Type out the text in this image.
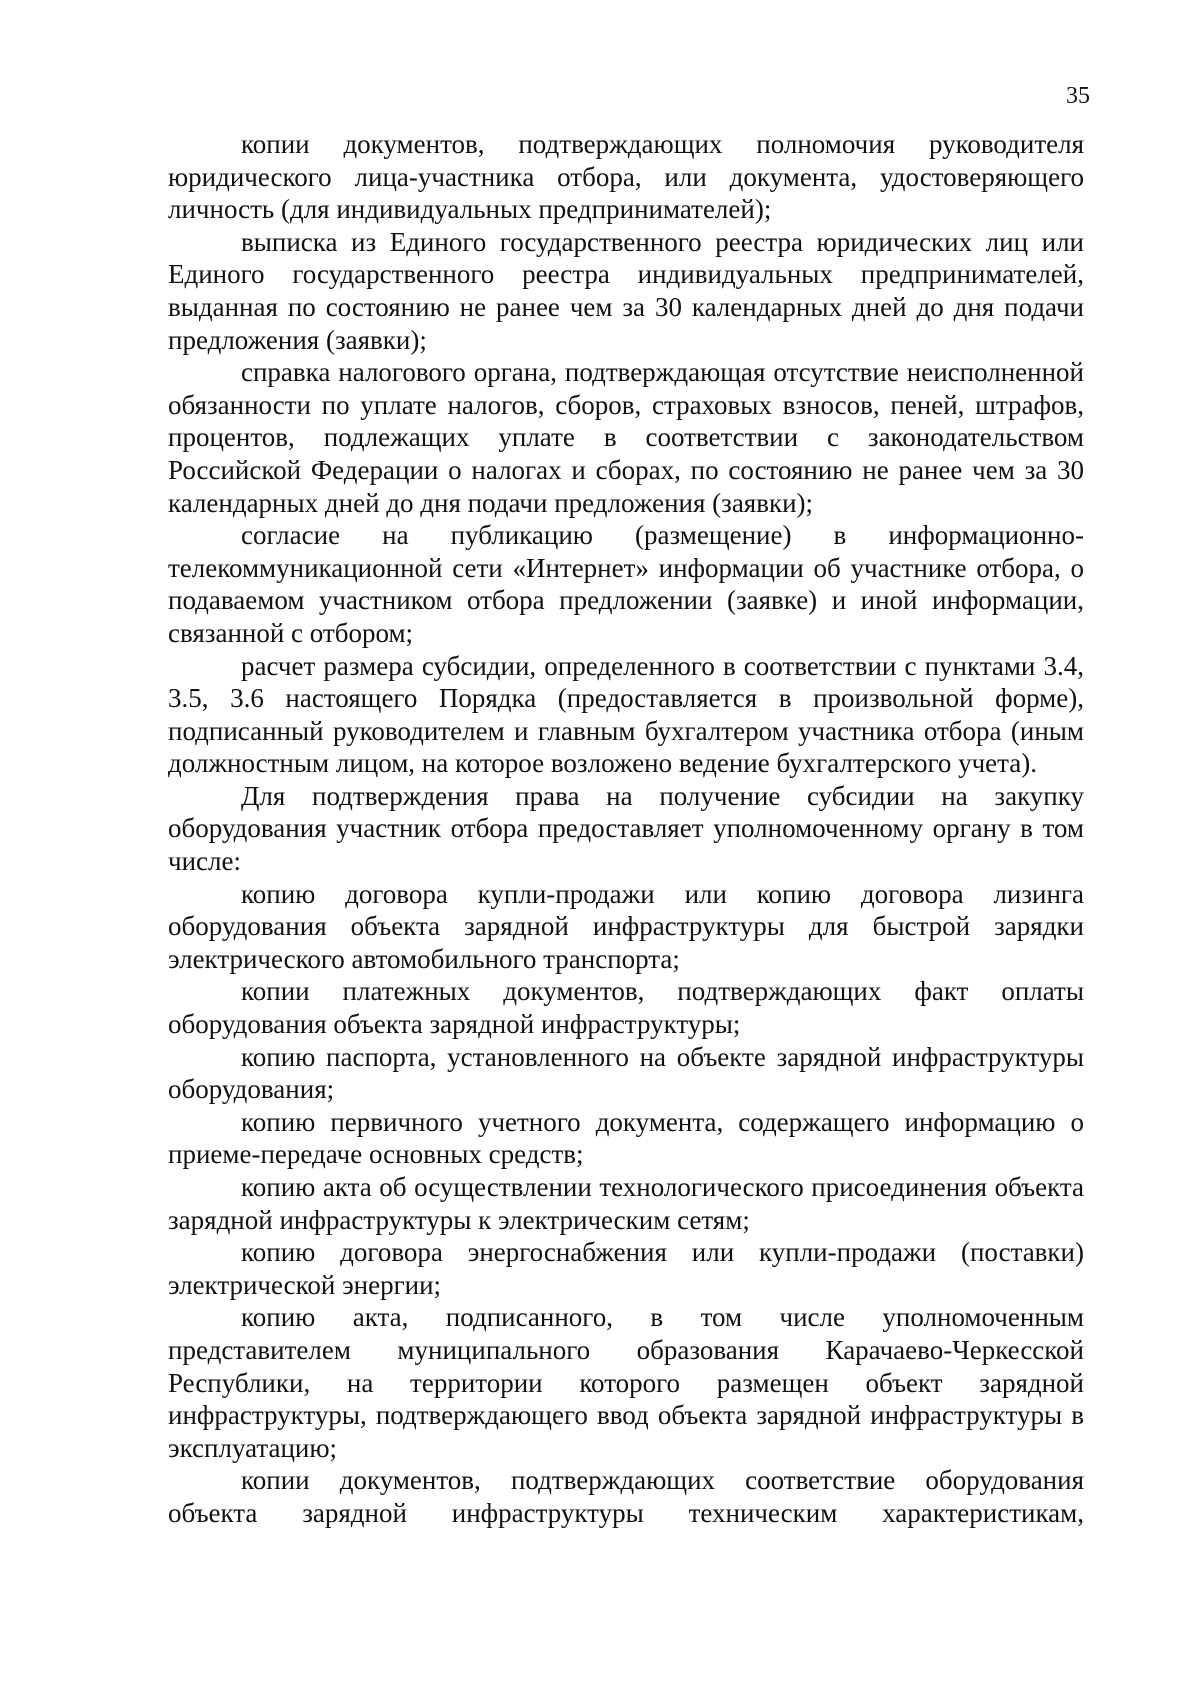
35

копии документов, подтверждающих полномочия руководителя юридического лица-участника отбора, или документа, удостоверяющего личность (для индивидуальных предпринимателей);

выписка из Единого государственного реестра юридических лиц или Единого государственного реестра индивидуальных предпринимателей, выданная по состоянию не ранее чем за 30 календарных дней до дня подачи предложения (заявки);

справка налогового органа, подтверждающая отсутствие неисполненной обязанности по уплате налогов, сборов, страховых взносов, пеней, штрафов, процентов, подлежащих уплате в соответствии с законодательством Российской Федерации о налогах и сборах, по состоянию не ранее чем за 30 календарных дней до дня подачи предложения (заявки);

согласие на публикацию (размещение) в информационно-телекоммуникационной сети «Интернет» информации об участнике отбора, о подаваемом участником отбора предложении (заявке) и иной информации, связанной с отбором;

расчет размера субсидии, определенного в соответствии с пунктами 3.4, 3.5, 3.6 настоящего Порядка (предоставляется в произвольной форме), подписанный руководителем и главным бухгалтером участника отбора (иным должностным лицом, на которое возложено ведение бухгалтерского учета).

Для подтверждения права на получение субсидии на закупку оборудования участник отбора предоставляет уполномоченному органу в том числе:

копию договора купли-продажи или копию договора лизинга оборудования объекта зарядной инфраструктуры для быстрой зарядки электрического автомобильного транспорта;

копии платежных документов, подтверждающих факт оплаты оборудования объекта зарядной инфраструктуры;

копию паспорта, установленного на объекте зарядной инфраструктуры оборудования;

копию первичного учетного документа, содержащего информацию о приеме-передаче основных средств;

копию акта об осуществлении технологического присоединения объекта зарядной инфраструктуры к электрическим сетям;

копию договора энергоснабжения или купли-продажи (поставки) электрической энергии;

копию акта, подписанного, в том числе уполномоченным представителем муниципального образования Карачаево-Черкесской Республики, на территории которого размещен объект зарядной инфраструктуры, подтверждающего ввод объекта зарядной инфраструктуры в эксплуатацию;

копии документов, подтверждающих соответствие оборудования объекта зарядной инфраструктуры техническим характеристикам,
